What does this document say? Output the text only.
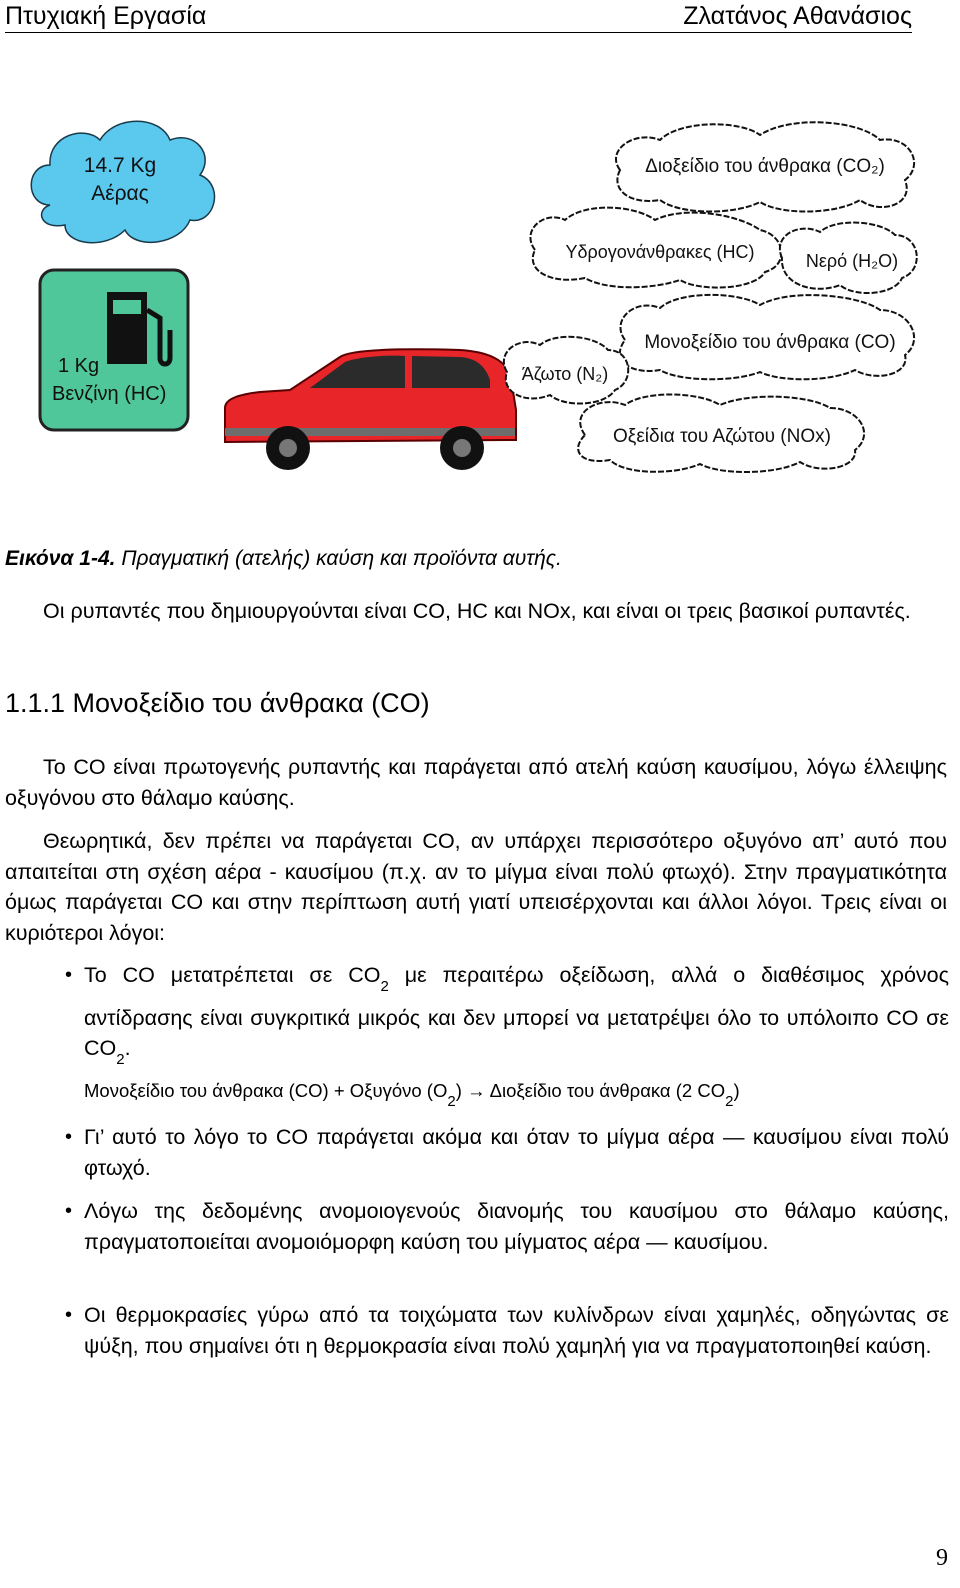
Πτυχιακή Εργασία	Ζλατάνος Αθανάσιος
14.7 Kg
Αέρας
1 Kg
Βενζίνη (HC)
Διοξείδιο του άνθρακα (CO₂)
Υδρογονάνθρακες (HC)	Νερό (H₂O)
Μονοξείδιο του άνθρακα (CO)
Άζωτο (N₂)
Οξείδια του Αζώτου (NOx)
Εικόνα 1-4. Πραγματική (ατελής) καύση και προϊόντα αυτής.
Οι ρυπαντές που δημιουργούνται είναι CO, HC και NOx, και είναι οι τρεις βασικοί ρυπαντές.
1.1.1 Μονοξείδιο του άνθρακα (CO)
Το CO είναι πρωτογενής ρυπαντής και παράγεται από ατελή καύση καυσίμου, λόγω έλλειψης οξυγόνου στο θάλαμο καύσης.
Θεωρητικά, δεν πρέπει να παράγεται CO, αν υπάρχει περισσότερο οξυγόνο απ’ αυτό που απαιτείται στη σχέση αέρα - καυσίμου (π.χ. αν το μίγμα είναι πολύ φτωχό). Στην πραγματικότητα όμως παράγεται CO και στην περίπτωση αυτή γιατί υπεισέρχονται και άλλοι λόγοι. Τρεις είναι οι κυριότεροι λόγοι:
• Το CO μετατρέπεται σε $CO_2$ με περαιτέρω οξείδωση, αλλά ο διαθέσιμος χρόνος αντίδρασης είναι συγκριτικά μικρός και δεν μπορεί να μετατρέψει όλο το υπόλοιπο CO σε $CO_2$.
Μονοξείδιο του άνθρακα (CO) + Οξυγόνο $(O_2) \to \Delta\iota o\xi\varepsilon ί\delta\iota o$ του άνθρακα (2 $CO_2$)
• Γι’ αυτό το λόγο το CO παράγεται ακόμα και όταν το μίγμα αέρα — καυσίμου είναι πολύ φτωχό.
• Λόγω της δεδομένης ανομοιογενούς διανομής του καυσίμου στο θάλαμο καύσης, πραγματοποιείται ανομοιόμορφη καύση του μίγματος αέρα — καυσίμου.
• Οι θερμοκρασίες γύρω από τα τοιχώματα των κυλίνδρων είναι χαμηλές, οδηγώντας σε ψύξη, που σημαίνει ότι η θερμοκρασία είναι πολύ χαμηλή για να πραγματοποιηθεί καύση.
9
